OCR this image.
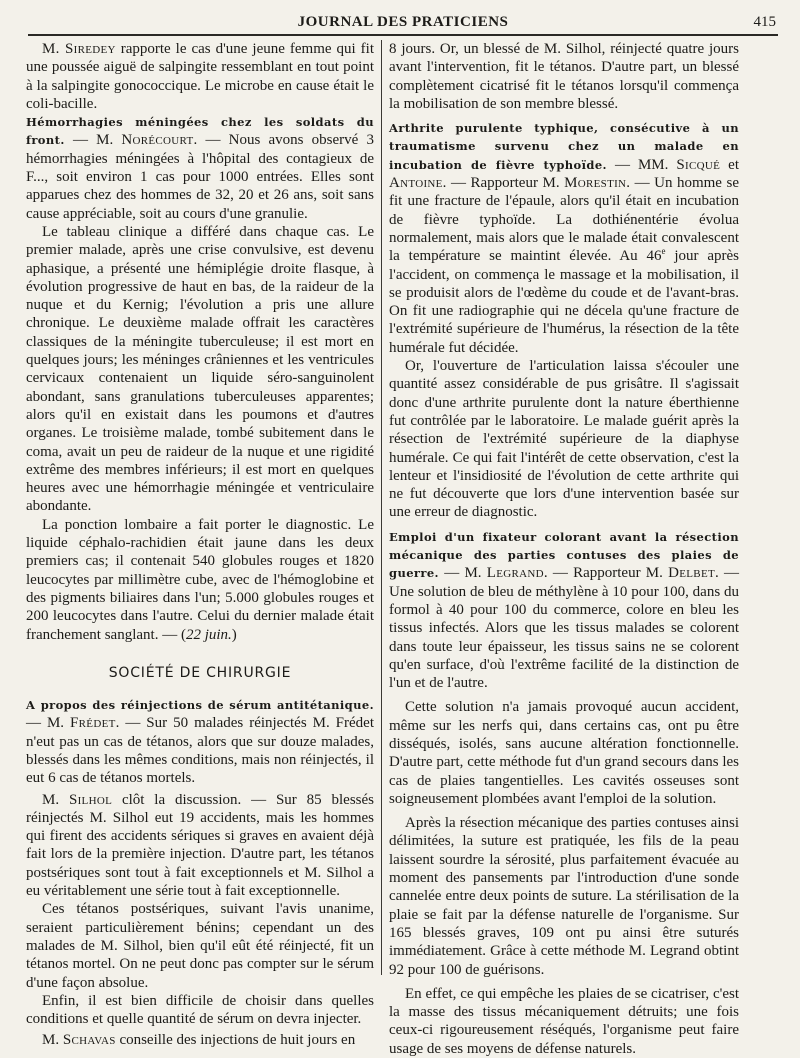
JOURNAL DES PRATICIENS	415

M. Siredey rapporte le cas d'une jeune femme qui fit une poussée aiguë de salpingite ressemblant en tout point à la salpingite gonococcique. Le microbe en cause était le coli-bacille.

Hémorrhagies méningées chez les soldats du front. — M. Norécourt. — Nous avons observé 3 hémorrhagies méningées à l'hôpital des contagieux de F..., soit environ 1 cas pour 1000 entrées. Elles sont apparues chez des hommes de 32, 20 et 26 ans, soit sans cause appréciable, soit au cours d'une granulie.

Le tableau clinique a différé dans chaque cas. Le premier malade, après une crise convulsive, est devenu aphasique, a présenté une hémiplégie droite flasque, à évolution progressive de haut en bas, de la raideur de la nuque et du Kernig; l'évolution a pris une allure chronique. Le deuxième malade offrait les caractères classiques de la méningite tuberculeuse; il est mort en quelques jours; les méninges crâniennes et les ventricules cervicaux contenaient un liquide séro-sanguinolent abondant, sans granulations tuberculeuses apparentes; alors qu'il en existait dans les poumons et d'autres organes. Le troisième malade, tombé subitement dans le coma, avait un peu de raideur de la nuque et une rigidité extrême des membres inférieurs; il est mort en quelques heures avec une hémorrhagie méningée et ventriculaire abondante.

La ponction lombaire a fait porter le diagnostic. Le liquide céphalo-rachidien était jaune dans les deux premiers cas; il contenait 540 globules rouges et 1820 leucocytes par millimètre cube, avec de l'hémoglobine et des pigments biliaires dans l'un; 5.000 globules rouges et 200 leucocytes dans l'autre. Celui du dernier malade était franchement sanglant. — (22 juin.)

SOCIÉTÉ DE CHIRURGIE

A propos des réinjections de sérum antitétanique. — M. Frédet. — Sur 50 malades réinjectés M. Frédet n'eut pas un cas de tétanos, alors que sur douze malades, blessés dans les mêmes conditions, mais non réinjectés, il eut 6 cas de tétanos mortels.

M. Silhol clôt la discussion. — Sur 85 blessés réinjectés M. Silhol eut 19 accidents, mais les hommes qui firent des accidents sériques si graves en avaient déjà fait lors de la première injection. D'autre part, les tétanos postsériques sont tout à fait exceptionnels et M. Silhol a eu véritablement une série tout à fait exceptionnelle.

Ces tétanos postsériques, suivant l'avis unanime, seraient particulièrement bénins; cependant un des malades de M. Silhol, bien qu'il eût été réinjecté, fit un tétanos mortel. On ne peut donc pas compter sur le sérum d'une façon absolue.

Enfin, il est bien difficile de choisir dans quelles conditions et quelle quantité de sérum on devra injecter.

M. Schavas conseille des injections de huit jours en

8 jours. Or, un blessé de M. Silhol, réinjecté quatre jours avant l'intervention, fit le tétanos. D'autre part, un blessé complètement cicatrisé fit le tétanos lorsqu'il commença la mobilisation de son membre blessé.

Arthrite purulente typhique, consécutive à un traumatisme survenu chez un malade en incubation de fièvre typhoïde. — MM. Sicqué et Antoine. — Rapporteur M. Morestin. — Un homme se fit une fracture de l'épaule, alors qu'il était en incubation de fièvre typhoïde. La dothiénentérie évolua normalement, mais alors que le malade était convalescent la température se maintint élevée. Au 46e jour après l'accident, on commença le massage et la mobilisation, il se produisit alors de l'œdème du coude et de l'avant-bras. On fit une radiographie qui ne décela qu'une fracture de l'extrémité supérieure de l'humérus, la résection de la tête humérale fut décidée.

Or, l'ouverture de l'articulation laissa s'écouler une quantité assez considérable de pus grisâtre. Il s'agissait donc d'une arthrite purulente dont la nature éberthienne fut contrôlée par le laboratoire. Le malade guérit après la résection de l'extrémité supérieure de la diaphyse humérale. Ce qui fait l'intérêt de cette observation, c'est la lenteur et l'insidiosité de l'évolution de cette arthrite qui ne fut découverte que lors d'une intervention basée sur une erreur de diagnostic.

Emploi d'un fixateur colorant avant la résection mécanique des parties contuses des plaies de guerre. — M. Legrand. — Rapporteur M. Delbet. — Une solution de bleu de méthylène à 10 pour 100, dans du formol à 40 pour 100 du commerce, colore en bleu les tissus infectés. Alors que les tissus malades se colorent dans toute leur épaisseur, les tissus sains ne se colorent qu'en surface, d'où l'extrême facilité de la distinction de l'un et de l'autre.

Cette solution n'a jamais provoqué aucun accident, même sur les nerfs qui, dans certains cas, ont pu être disséqués, isolés, sans aucune altération fonctionnelle. D'autre part, cette méthode fut d'un grand secours dans les cas de plaies tangentielles. Les cavités osseuses sont soigneusement plombées avant l'emploi de la solution.

Après la résection mécanique des parties contuses ainsi délimitées, la suture est pratiquée, les fils de la peau laissent sourdre la sérosité, plus parfaitement évacuée au moment des pansements par l'introduction d'une sonde cannelée entre deux points de suture. La stérilisation de la plaie se fait par la défense naturelle de l'organisme. Sur 165 blessés graves, 109 ont pu ainsi être suturés immédiatement. Grâce à cette méthode M. Legrand obtint 92 pour 100 de guérisons.

En effet, ce qui empêche les plaies de se cicatriser, c'est la masse des tissus mécaniquement détruits; une fois ceux-ci rigoureusement réséqués, l'organisme peut faire usage de ses moyens de défense naturels.
